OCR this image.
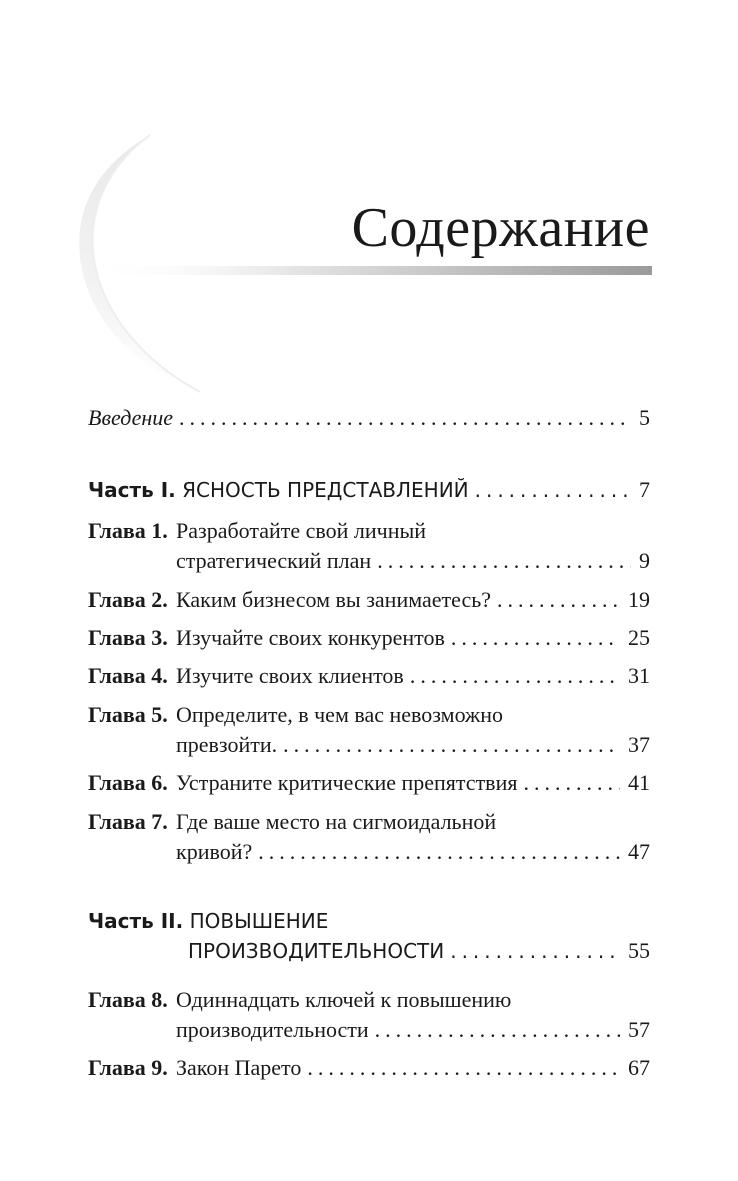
Содержание
Введение .....	5
Часть I.
ЯСНОСТЬ ПРЕДСТАВЛЕНИЙ .....	7
Глава 1. Разработайте свой личный
стратегический план .....	9
Глава 2. Каким бизнесом вы занимаетесь? .....	19
Глава 3. Изучайте своих конкурентов .....	25
Глава 4. Изучите своих клиентов .....	31
Глава 5. Определите, в чем вас невозможно
превзойти. .....	37
Глава 6. Устраните критические препятствия .....	41
Глава 7. Где ваше место на сигмоидальной
кривой? .....	47
Часть II.
ПОВЫШЕНИЕ
ПРОИЗВОДИТЕЛЬНОСТИ .....	55
Глава 8. Одиннадцать ключей к повышению
производительности .....	57
Глава 9. Закон Парето .....	67
